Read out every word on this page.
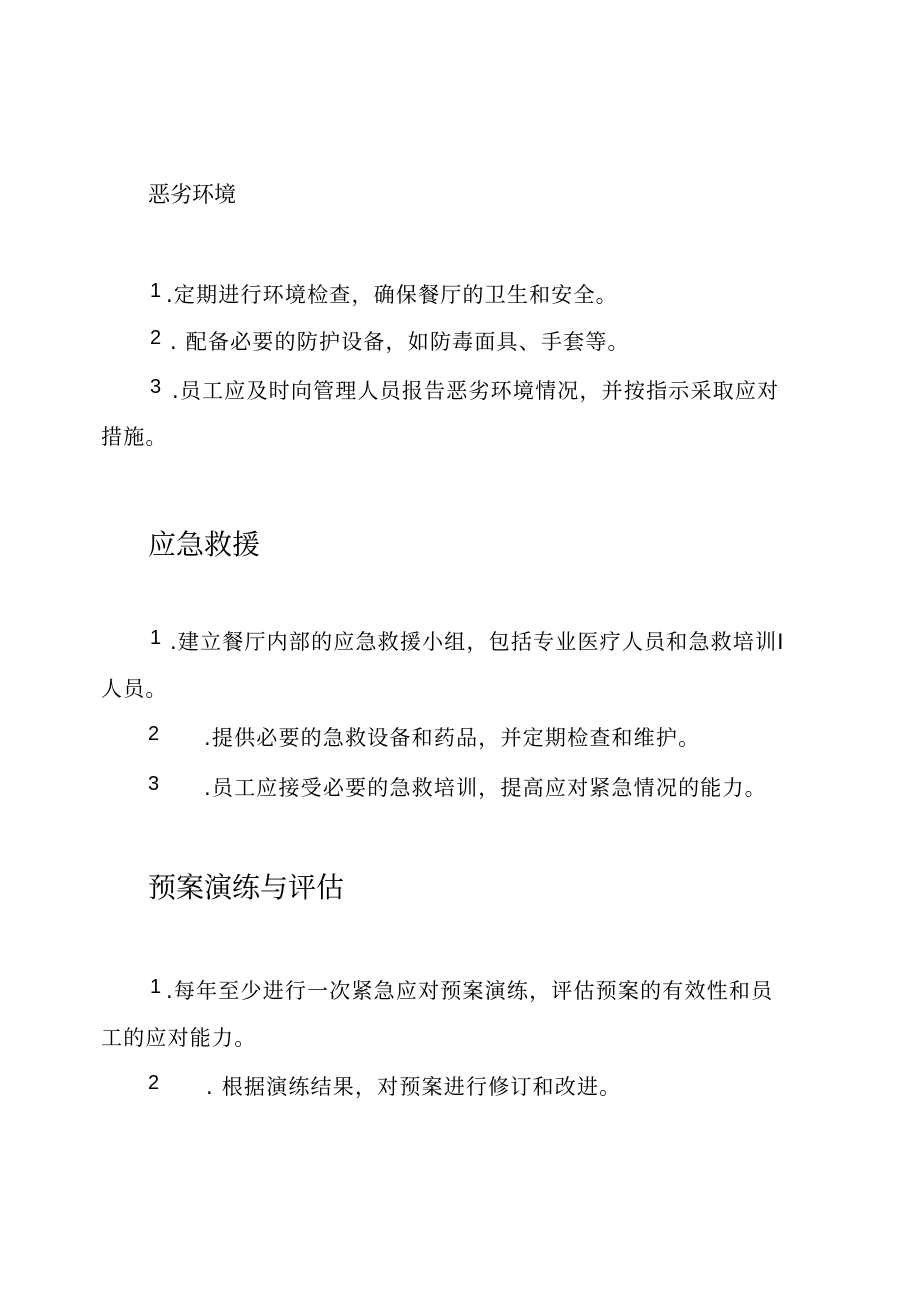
恶劣环境
1 .定期进行环境检查，确保餐厅的卫生和安全。
2 . 配备必要的防护设备，如防毒面具、手套等。
3 .员工应及时向管理人员报告恶劣环境情况，并按指示采取应对
措施。
应急救援
1 .建立餐厅内部的应急救援小组，包括专业医疗人员和急救培训I
人员。
2 .提供必要的急救设备和药品，并定期检查和维护。
3 .员工应接受必要的急救培训，提高应对紧急情况的能力。
预案演练与评估
1 .每年至少进行一次紧急应对预案演练，评估预案的有效性和员
工的应对能力。
2 . 根据演练结果，对预案进行修订和改进。
